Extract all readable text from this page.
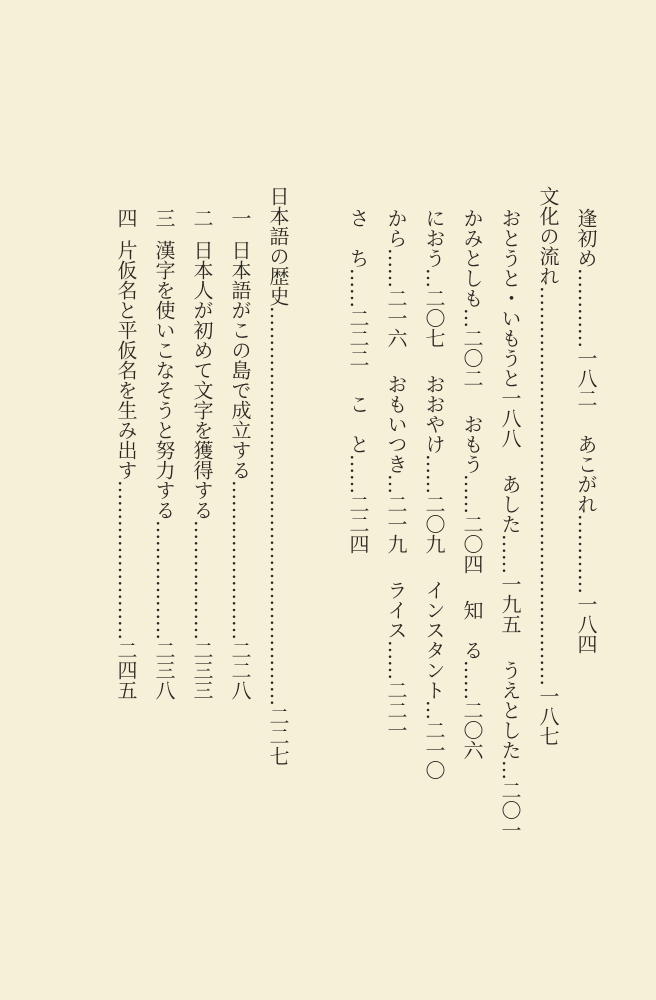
逢初め…………一八二あこがれ…………一八四
文化の流れ……………………………………………………一八七
おとうと・いもうと一八八あした……一九五うえとした…二〇一
かみとしも…二〇二おもう……二〇四知　る……二〇六
におう…二〇七おおやけ……二〇九インスタント…二一〇
から……二一六おもいつき…二一九ライス……二二一
さ　ち……二二二こ　と……二二四
日本語の歴史……………………………………………………二二七
一日本語がこの島で成立する……………………二二八
二日本人が初めて文字を獲得する………………二三三
三漢字を使いこなそうと努力する………………二三八
四片仮名と平仮名を生み出す……………………二四五
